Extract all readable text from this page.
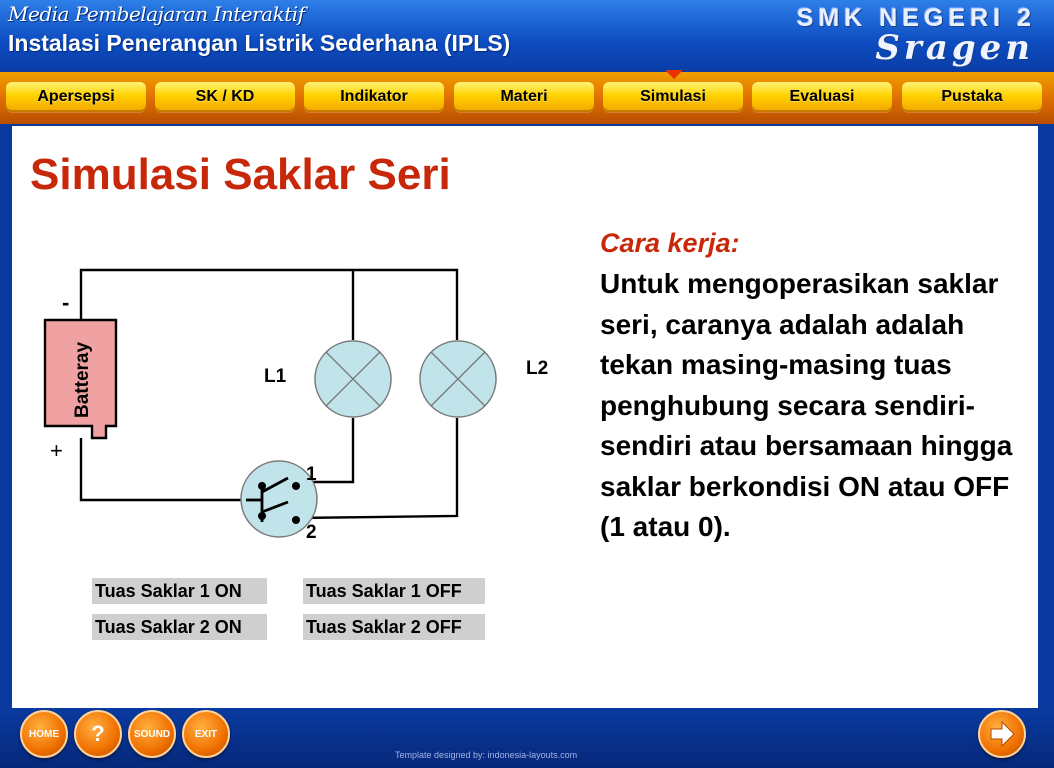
Media Pembelajaran Interaktif
Instalasi Penerangan Listrik Sederhana (IPLS)
SMK NEGERI 2
Sragen
Apersepsi	SK / KD	Indikator	Materi	Simulasi	Evaluasi	Pustaka
Simulasi Saklar Seri
Batteray
-
+
L1	L2
1
2
Tuas Saklar 1 ON	Tuas Saklar 1 OFF
Tuas Saklar 2 ON	Tuas Saklar 2 OFF
Cara kerja:
Untuk mengoperasikan saklar seri, caranya adalah adalah tekan masing-masing tuas penghubung secara sendiri-sendiri atau bersamaan hingga saklar berkondisi ON atau OFF (1 atau 0).
HOME	?	SOUND	EXIT
Template designed by: indonesia-layouts.com
